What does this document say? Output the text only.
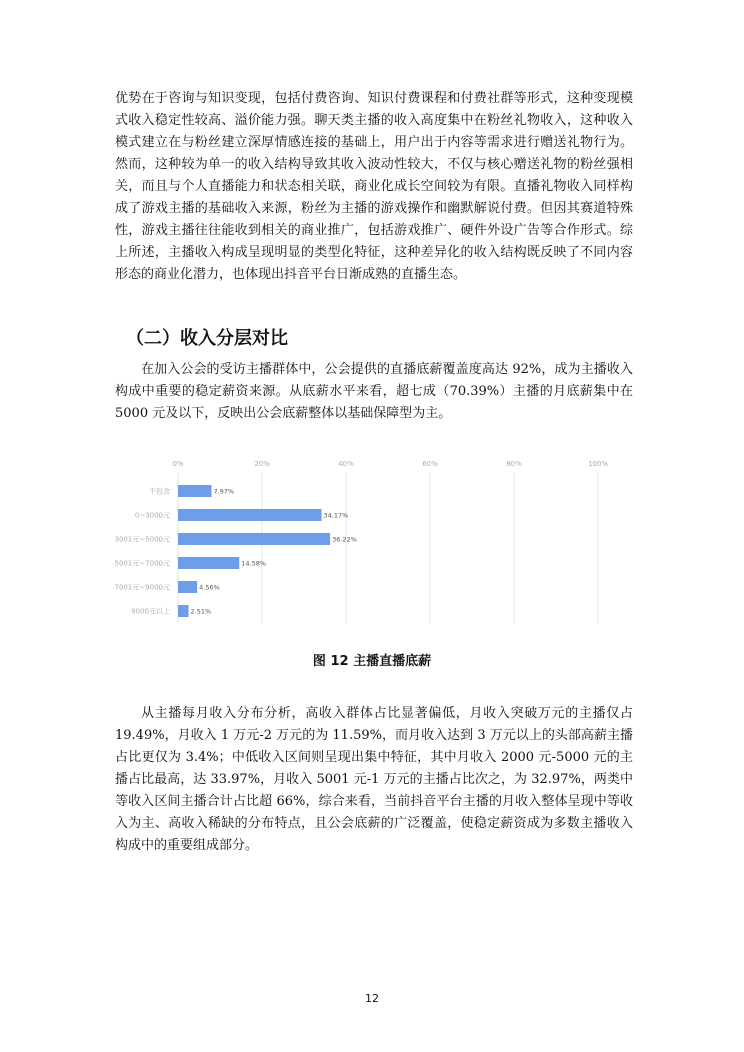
优势在于咨询与知识变现，包括付费咨询、知识付费课程和付费社群等形式，这种变现模式收入稳定性较高、溢价能力强。聊天类主播的收入高度集中在粉丝礼物收入，这种收入模式建立在与粉丝建立深厚情感连接的基础上，用户出于内容等需求进行赠送礼物行为。然而，这种较为单一的收入结构导致其收入波动性较大，不仅与核心赠送礼物的粉丝强相关，而且与个人直播能力和状态相关联，商业化成长空间较为有限。直播礼物收入同样构成了游戏主播的基础收入来源，粉丝为主播的游戏操作和幽默解说付费。但因其赛道特殊性，游戏主播往往能收到相关的商业推广，包括游戏推广、硬件外设广告等合作形式。综上所述，主播收入构成呈现明显的类型化特征，这种差异化的收入结构既反映了不同内容形态的商业化潜力，也体现出抖音平台日渐成熟的直播生态。

（二）收入分层对比

在加入公会的受访主播群体中，公会提供的直播底薪覆盖度高达 92%，成为主播收入构成中重要的稳定薪资来源。从底薪水平来看，超七成（70.39%）主播的月底薪集中在 5000 元及以下，反映出公会底薪整体以基础保障型为主。

0%	20%	40%	60%	80%	100%
不包含	7.97%
0~3000元	34.17%
3001元~5000元	36.22%
5001元~7000元	14.58%
7001元~9000元	4.56%
9000元以上	2.51%
图 12 主播直播底薪

从主播每月收入分布分析，高收入群体占比显著偏低，月收入突破万元的主播仅占 19.49%，月收入 1 万元-2 万元的为 11.59%，而月收入达到 3 万元以上的头部高薪主播占比更仅为 3.4%；中低收入区间则呈现出集中特征，其中月收入 2000 元-5000 元的主播占比最高，达 33.97%，月收入 5001 元-1 万元的主播占比次之，为 32.97%，两类中等收入区间主播合计占比超 66%，综合来看，当前抖音平台主播的月收入整体呈现中等收入为主、高收入稀缺的分布特点，且公会底薪的广泛覆盖，使稳定薪资成为多数主播收入构成中的重要组成部分。

12
